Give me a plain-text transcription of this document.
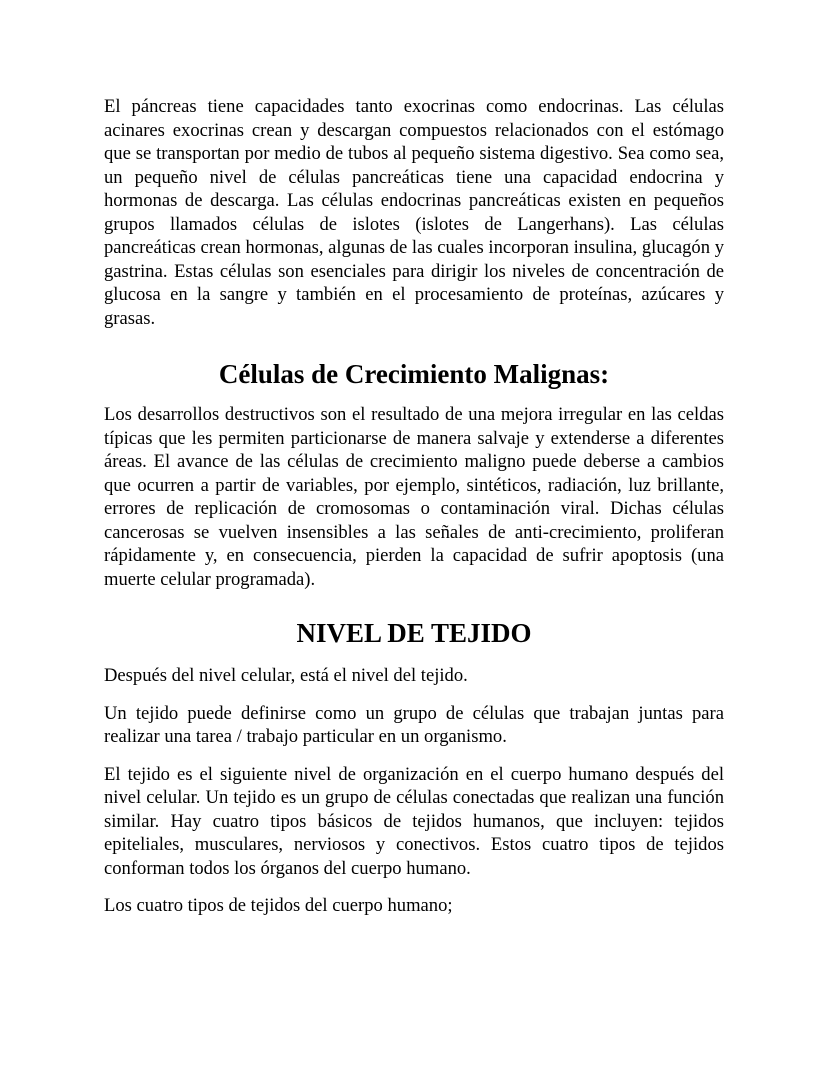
El páncreas tiene capacidades tanto exocrinas como endocrinas. Las células acinares exocrinas crean y descargan compuestos relacionados con el estómago que se transportan por medio de tubos al pequeño sistema digestivo. Sea como sea, un pequeño nivel de células pancreáticas tiene una capacidad endocrina y hormonas de descarga. Las células endocrinas pancreáticas existen en pequeños grupos llamados células de islotes (islotes de Langerhans). Las células pancreáticas crean hormonas, algunas de las cuales incorporan insulina, glucagón y gastrina. Estas células son esenciales para dirigir los niveles de concentración de glucosa en la sangre y también en el procesamiento de proteínas, azúcares y grasas.

Células de Crecimiento Malignas:

Los desarrollos destructivos son el resultado de una mejora irregular en las celdas típicas que les permiten particionarse de manera salvaje y extenderse a diferentes áreas. El avance de las células de crecimiento maligno puede deberse a cambios que ocurren a partir de variables, por ejemplo, sintéticos, radiación, luz brillante, errores de replicación de cromosomas o contaminación viral. Dichas células cancerosas se vuelven insensibles a las señales de anti-crecimiento, proliferan rápidamente y, en consecuencia, pierden la capacidad de sufrir apoptosis (una muerte celular programada).

NIVEL DE TEJIDO

Después del nivel celular, está el nivel del tejido.

Un tejido puede definirse como un grupo de células que trabajan juntas para realizar una tarea / trabajo particular en un organismo.

El tejido es el siguiente nivel de organización en el cuerpo humano después del nivel celular. Un tejido es un grupo de células conectadas que realizan una función similar. Hay cuatro tipos básicos de tejidos humanos, que incluyen: tejidos epiteliales, musculares, nerviosos y conectivos. Estos cuatro tipos de tejidos conforman todos los órganos del cuerpo humano.

Los cuatro tipos de tejidos del cuerpo humano;
